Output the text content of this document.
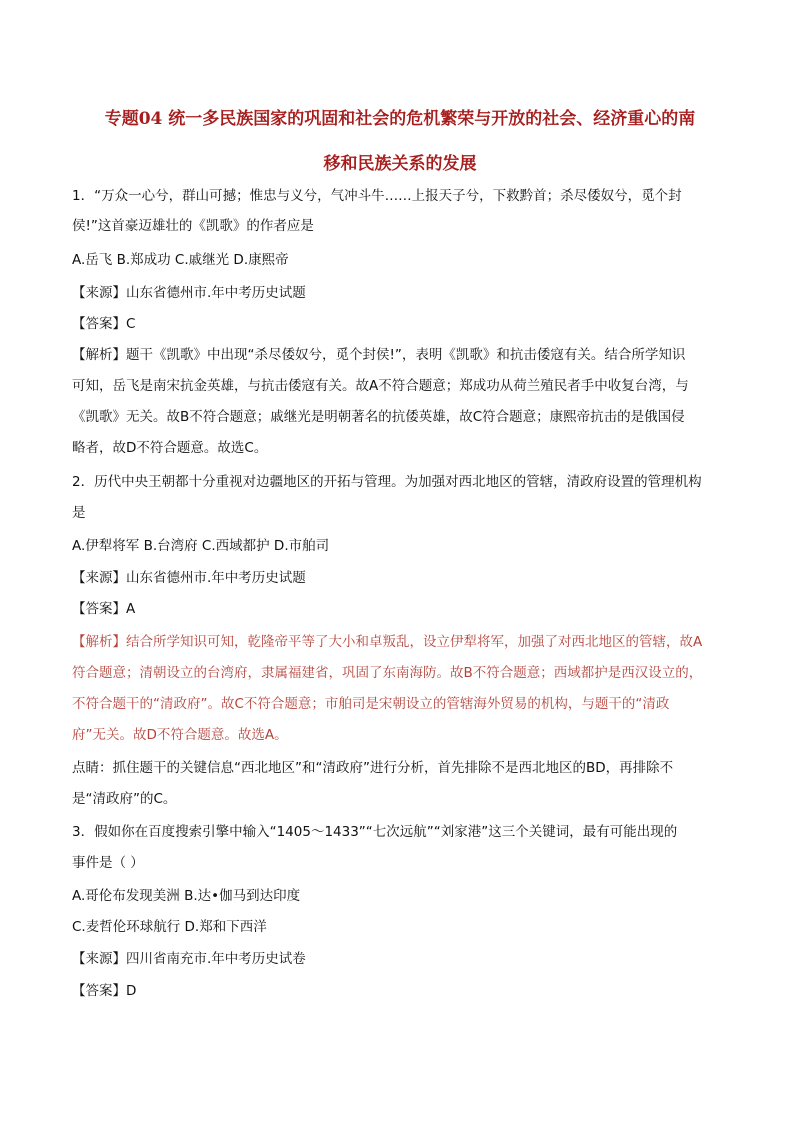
专题04 统一多民族国家的巩固和社会的危机繁荣与开放的社会、经济重心的南
移和民族关系的发展
1．“万众一心兮，群山可撼；惟忠与义兮，气冲斗牛……上报天子兮，下救黔首；杀尽倭奴兮，觅个封
侯!”这首豪迈雄壮的《凯歌》的作者应是
A.岳飞 B.郑成功 C.戚继光 D.康熙帝
【来源】山东省德州市.年中考历史试题
【答案】C
【解析】题干《凯歌》中出现“杀尽倭奴兮，觅个封侯!”，表明《凯歌》和抗击倭寇有关。结合所学知识
可知，岳飞是南宋抗金英雄，与抗击倭寇有关。故A不符合题意；郑成功从荷兰殖民者手中收复台湾，与
《凯歌》无关。故B不符合题意；戚继光是明朝著名的抗倭英雄，故C符合题意；康熙帝抗击的是俄国侵
略者，故D不符合题意。故选C。
2．历代中央王朝都十分重视对边疆地区的开拓与管理。为加强对西北地区的管辖，清政府设置的管理机构
是
A.伊犁将军 B.台湾府 C.西域都护 D.市舶司
【来源】山东省德州市.年中考历史试题
【答案】A
【解析】结合所学知识可知，乾隆帝平等了大小和卓叛乱，设立伊犁将军，加强了对西北地区的管辖，故A
符合题意；清朝设立的台湾府，隶属福建省，巩固了东南海防。故B不符合题意；西域都护是西汉设立的，
不符合题干的“清政府”。故C不符合题意；市舶司是宋朝设立的管辖海外贸易的机构，与题干的“清政
府”无关。故D不符合题意。故选A。
点睛：抓住题干的关键信息“西北地区”和“清政府”进行分析，首先排除不是西北地区的BD，再排除不
是“清政府”的C。
3．假如你在百度搜索引擎中输入“1405～1433”“七次远航”“刘家港”这三个关键词，最有可能出现的
事件是（ ）
A.哥伦布发现美洲 B.达•伽马到达印度
C.麦哲伦环球航行 D.郑和下西洋
【来源】四川省南充市.年中考历史试卷
【答案】D
